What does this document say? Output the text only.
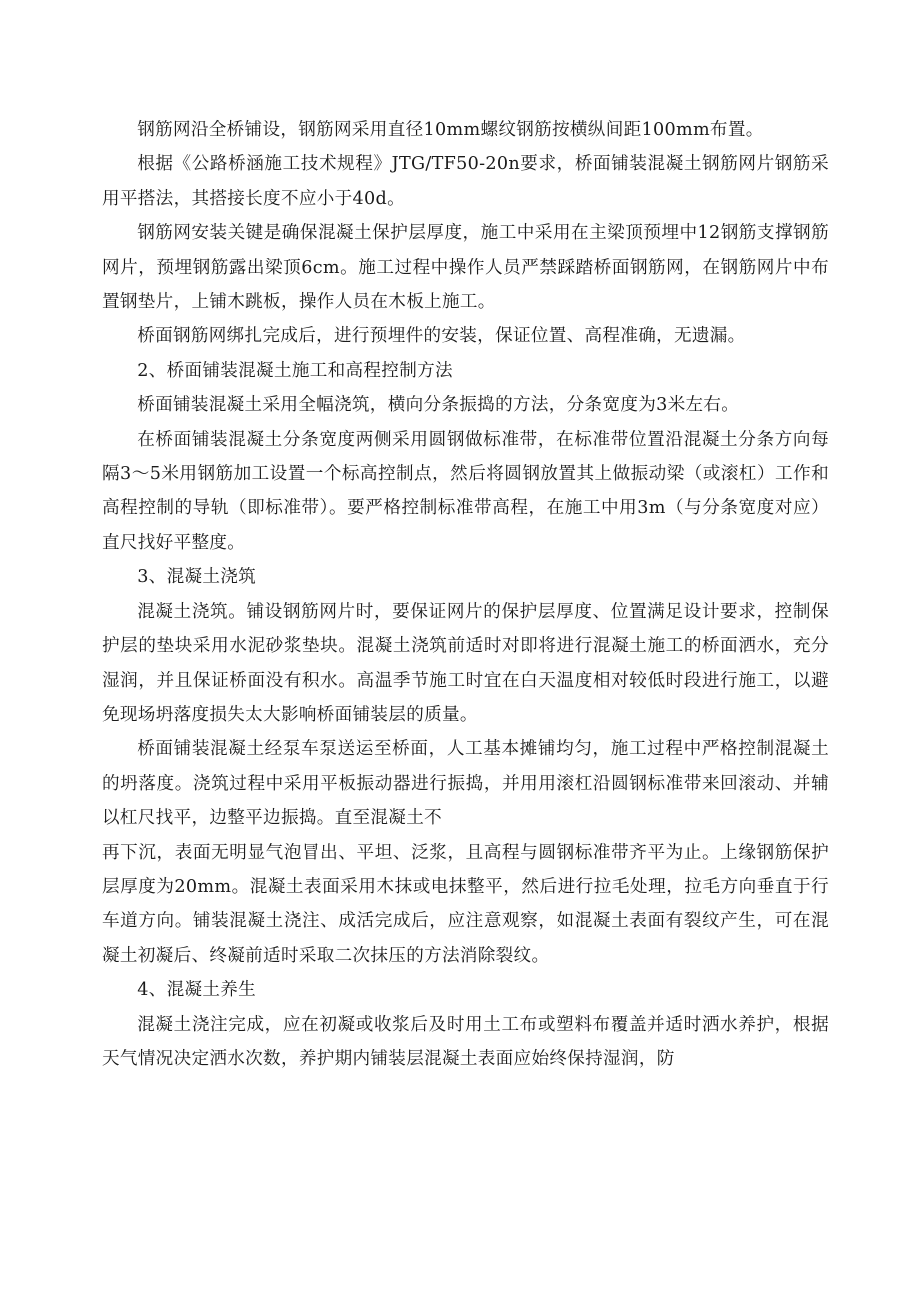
钢筋网沿全桥铺设，钢筋网采用直径10mm螺纹钢筋按横纵间距100mm布置。

根据《公路桥涵施工技术规程》JTG/TF50-20n要求，桥面铺装混凝土钢筋网片钢筋采用平搭法，其搭接长度不应小于40d。

钢筋网安装关键是确保混凝土保护层厚度，施工中采用在主梁顶预埋中12钢筋支撑钢筋网片，预埋钢筋露出梁顶6cm。施工过程中操作人员严禁踩踏桥面钢筋网，在钢筋网片中布置钢垫片，上铺木跳板，操作人员在木板上施工。

桥面钢筋网绑扎完成后，进行预埋件的安装，保证位置、高程准确，无遗漏。

2、桥面铺装混凝土施工和高程控制方法

桥面铺装混凝土采用全幅浇筑，横向分条振捣的方法，分条宽度为3米左右。

在桥面铺装混凝土分条宽度两侧采用圆钢做标准带，在标准带位置沿混凝土分条方向每隔3～5米用钢筋加工设置一个标高控制点，然后将圆钢放置其上做振动梁（或滚杠）工作和高程控制的导轨（即标准带）。要严格控制标准带高程，在施工中用3m（与分条宽度对应）直尺找好平整度。

3、混凝土浇筑

混凝土浇筑。铺设钢筋网片时，要保证网片的保护层厚度、位置满足设计要求，控制保护层的垫块采用水泥砂浆垫块。混凝土浇筑前适时对即将进行混凝土施工的桥面洒水，充分湿润，并且保证桥面没有积水。高温季节施工时宜在白天温度相对较低时段进行施工，以避免现场坍落度损失太大影响桥面铺装层的质量。

桥面铺装混凝土经泵车泵送运至桥面，人工基本摊铺均匀，施工过程中严格控制混凝土的坍落度。浇筑过程中采用平板振动器进行振捣，并用用滚杠沿圆钢标准带来回滚动、并辅以杠尺找平，边整平边振捣。直至混凝土不

再下沉，表面无明显气泡冒出、平坦、泛浆，且高程与圆钢标准带齐平为止。上缘钢筋保护层厚度为20mm。混凝土表面采用木抹或电抹整平，然后进行拉毛处理，拉毛方向垂直于行车道方向。铺装混凝土浇注、成活完成后，应注意观察，如混凝土表面有裂纹产生，可在混凝土初凝后、终凝前适时采取二次抹压的方法消除裂纹。

4、混凝土养生

混凝土浇注完成，应在初凝或收浆后及时用土工布或塑料布覆盖并适时洒水养护，根据天气情况决定洒水次数，养护期内铺装层混凝土表面应始终保持湿润，防
